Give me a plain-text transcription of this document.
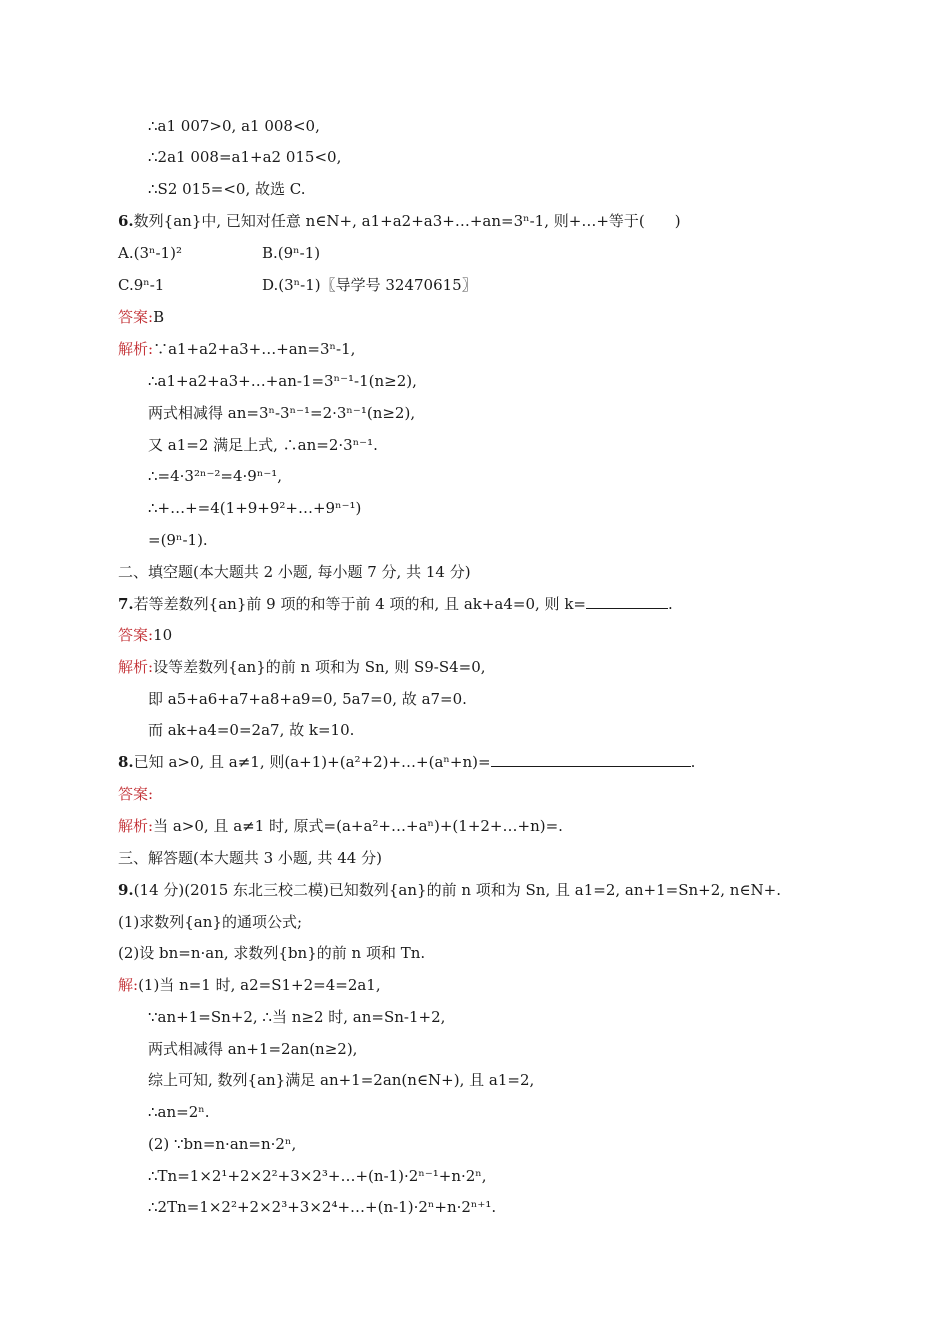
∴a1 007>0, a1 008<0,
∴2a1 008=a1+a2 015<0,
∴S2 015=<0, 故选 C.
6.数列{an}中, 已知对任意 n∈N+, a1+a2+a3+…+an=3ⁿ-1, 则+…+等于(　　)
A.(3ⁿ-1)²	B.(9ⁿ-1)
C.9ⁿ-1	D.(3ⁿ-1)〖导学号 32470615〗
答案:B
解析:∵a1+a2+a3+…+an=3ⁿ-1,
∴a1+a2+a3+…+an-1=3ⁿ⁻¹-1(n≥2),
两式相减得 an=3ⁿ-3ⁿ⁻¹=2·3ⁿ⁻¹(n≥2),
又 a1=2 满足上式, ∴an=2·3ⁿ⁻¹.
∴=4·3²ⁿ⁻²=4·9ⁿ⁻¹,
∴+…+=4(1+9+9²+…+9ⁿ⁻¹)
=(9ⁿ-1).
二、填空题(本大题共 2 小题, 每小题 7 分, 共 14 分)
7.若等差数列{an}前 9 项的和等于前 4 项的和, 且 ak+a4=0, 则 k=	.
答案:10
解析:设等差数列{an}的前 n 项和为 Sn, 则 S9-S4=0,
即 a5+a6+a7+a8+a9=0, 5a7=0, 故 a7=0.
而 ak+a4=0=2a7, 故 k=10.
8.已知 a>0, 且 a≠1, 则(a+1)+(a²+2)+…+(aⁿ+n)=	.
答案:
解析:当 a>0, 且 a≠1 时, 原式=(a+a²+…+aⁿ)+(1+2+…+n)=.
三、解答题(本大题共 3 小题, 共 44 分)
9.(14 分)(2015 东北三校二模)已知数列{an}的前 n 项和为 Sn, 且 a1=2, an+1=Sn+2, n∈N+.
(1)求数列{an}的通项公式;
(2)设 bn=n·an, 求数列{bn}的前 n 项和 Tn.
解:(1)当 n=1 时, a2=S1+2=4=2a1,
∵an+1=Sn+2, ∴当 n≥2 时, an=Sn-1+2,
两式相减得 an+1=2an(n≥2),
综上可知, 数列{an}满足 an+1=2an(n∈N+), 且 a1=2,
∴an=2ⁿ.
(2) ∵bn=n·an=n·2ⁿ,
∴Tn=1×2¹+2×2²+3×2³+…+(n-1)·2ⁿ⁻¹+n·2ⁿ,
∴2Tn=1×2²+2×2³+3×2⁴+…+(n-1)·2ⁿ+n·2ⁿ⁺¹.
